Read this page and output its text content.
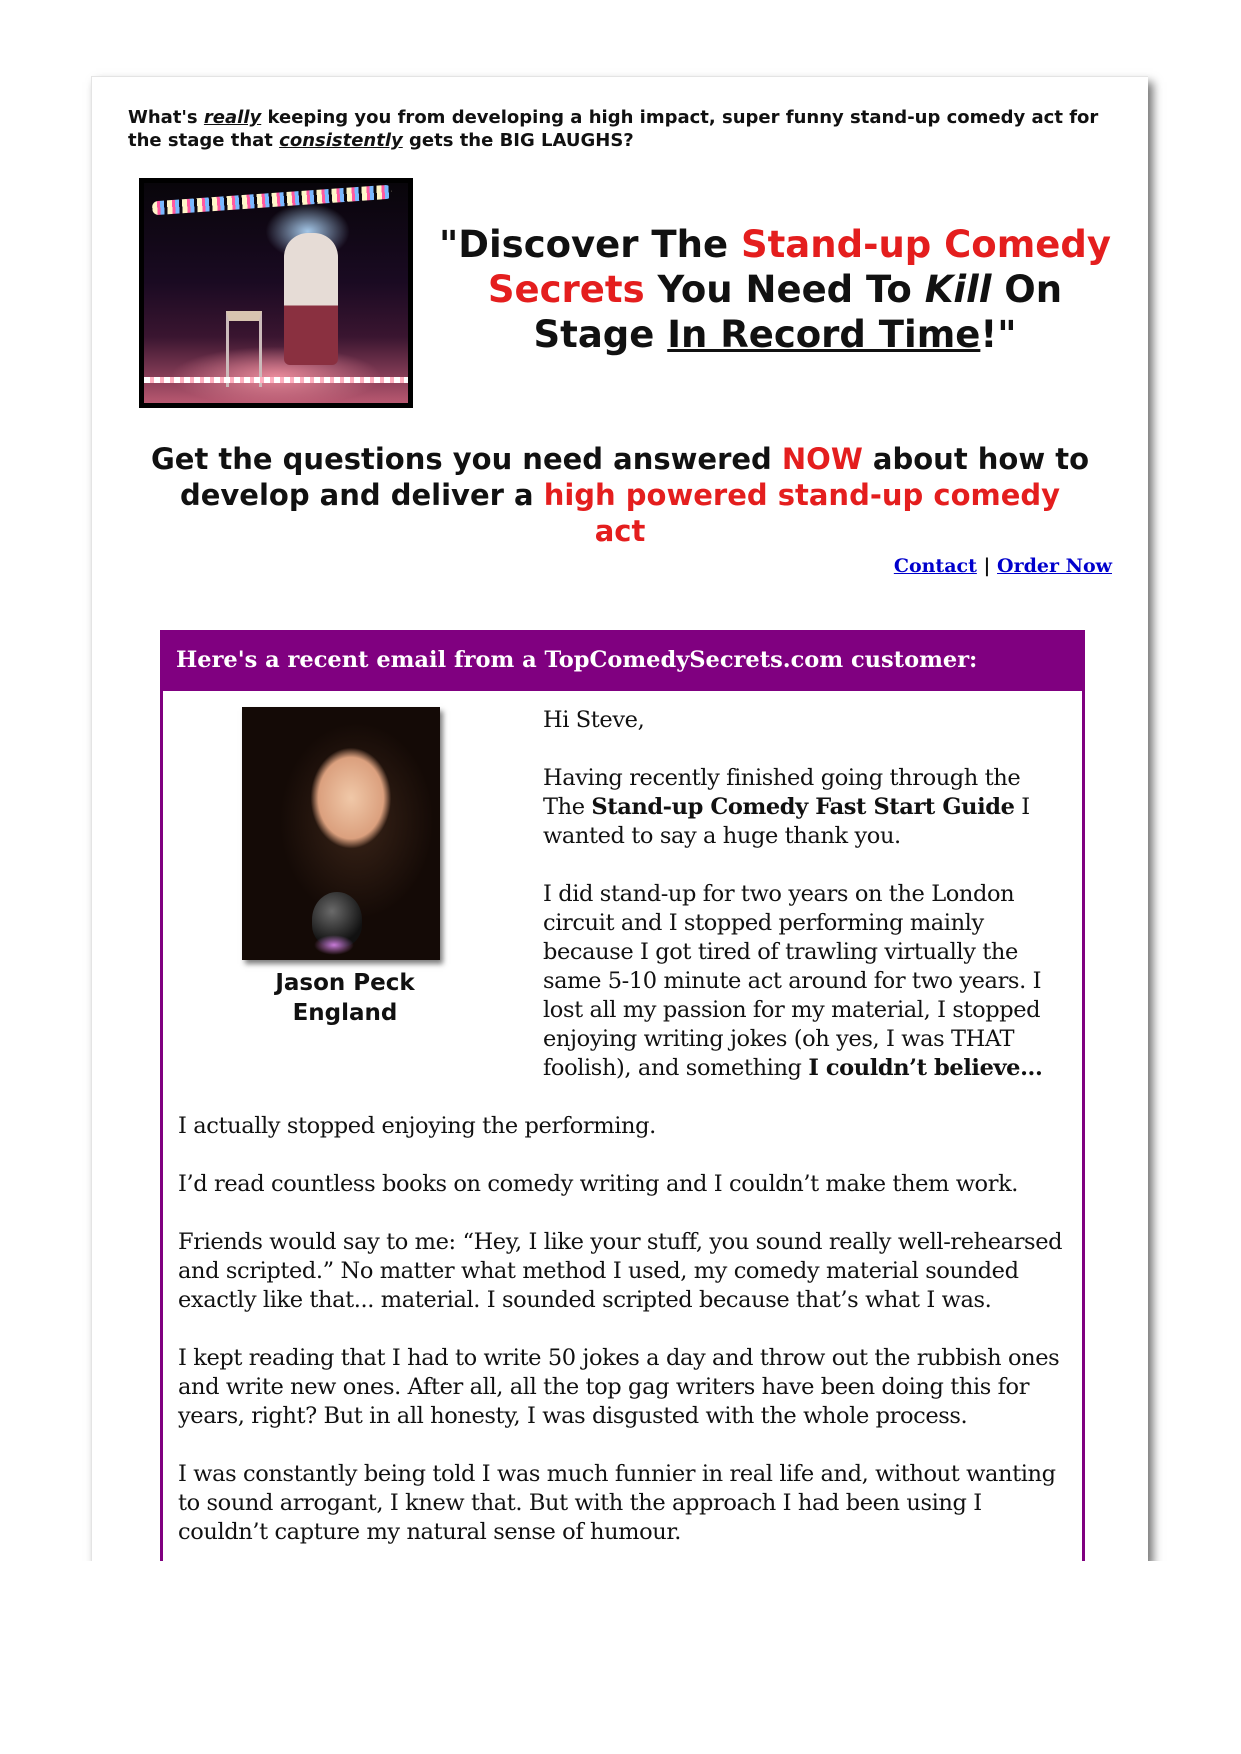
What's really keeping you from developing a high impact, super funny stand-up comedy act for the stage that consistently gets the BIG LAUGHS?
"Discover The Stand-up Comedy Secrets You Need To Kill On Stage In Record Time!"
Get the questions you need answered NOW about how to develop and deliver a high powered stand-up comedy act
Contact | Order Now
Here's a recent email from a TopComedySecrets.com customer:
Jason Peck
England

Hi Steve,

Having recently finished going through the The Stand-up Comedy Fast Start Guide I wanted to say a huge thank you.

I did stand-up for two years on the London circuit and I stopped performing mainly because I got tired of trawling virtually the same 5-10 minute act around for two years. I lost all my passion for my material, I stopped enjoying writing jokes (oh yes, I was THAT foolish), and something I couldn’t believe...

I actually stopped enjoying the performing.

I’d read countless books on comedy writing and I couldn’t make them work.

Friends would say to me: “Hey, I like your stuff, you sound really well-rehearsed and scripted.” No matter what method I used, my comedy material sounded exactly like that... material. I sounded scripted because that’s what I was.

I kept reading that I had to write 50 jokes a day and throw out the rubbish ones and write new ones. After all, all the top gag writers have been doing this for years, right? But in all honesty, I was disgusted with the whole process.

I was constantly being told I was much funnier in real life and, without wanting to sound arrogant, I knew that. But with the approach I had been using I couldn’t capture my natural sense of humour.
